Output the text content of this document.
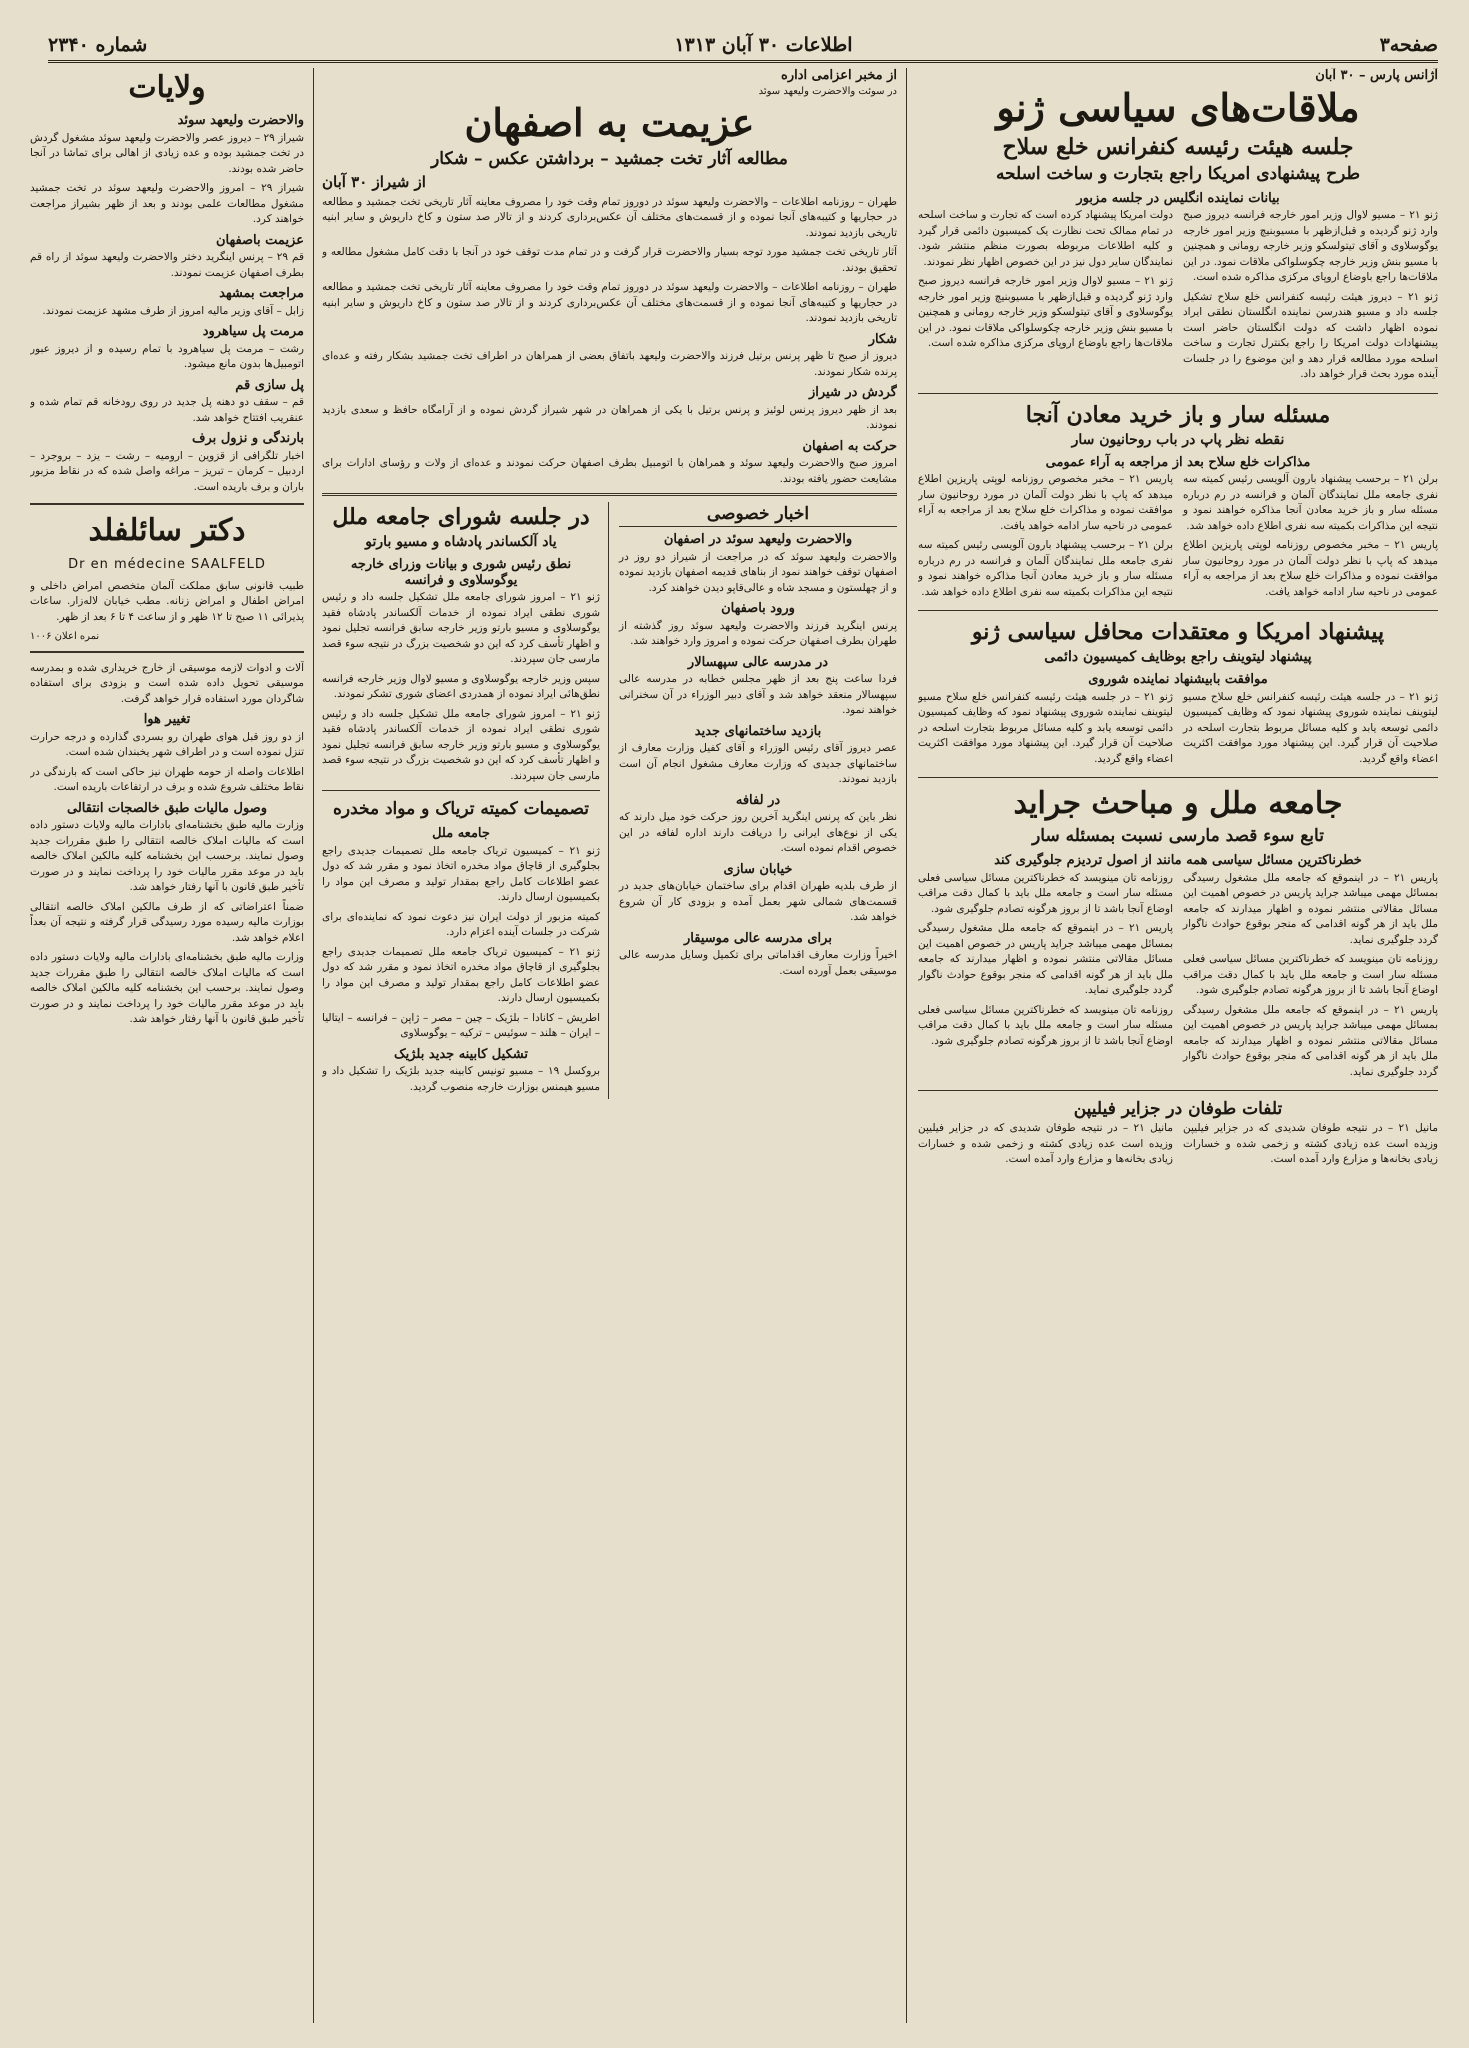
صفحه۳
اطلاعات ۳۰ آبان ۱۳۱۳
شماره ۲۳۴۰
آژانس پارس – ۳۰ آبان
ملاقات‌های سیاسی ژنو
جلسه هیئت رئیسه کنفرانس خلع سلاح
طرح پیشنهادی امریکا راجع بتجارت و ساخت اسلحه
بیانات نماینده انگلیس در جلسه مزبور

ژنو ۲۱ – مسیو لاوال وزیر امور خارجه فرانسه دیروز صبح وارد ژنو گردیده و قبل‌ازظهر با مسیوبنیچ وزیر امور خارجه یوگوسلاوی و آقای تیتولسکو وزیر خارجه رومانی و همچنین با مسیو بنش وزیر خارجه چکوسلواکی ملاقات نمود. در این ملاقات‌ها راجع باوضاع اروپای مرکزی مذاکره شده است.

ژنو ۲۱ – دیروز هیئت رئیسه کنفرانس خلع سلاح تشکیل جلسه داد و مسیو هندرسن نماینده انگلستان نطقی ایراد نموده اظهار داشت که دولت انگلستان حاضر است پیشنهادات دولت امریکا را راجع بکنترل تجارت و ساخت اسلحه مورد مطالعه قرار دهد و این موضوع را در جلسات آینده مورد بحث قرار خواهد داد.

دولت امریکا پیشنهاد کرده است که تجارت و ساخت اسلحه در تمام ممالک تحت نظارت یک کمیسیون دائمی قرار گیرد و کلیه اطلاعات مربوطه بصورت منظم منتشر شود. نمایندگان سایر دول نیز در این خصوص اظهار نظر نمودند.

ژنو ۲۱ – مسیو لاوال وزیر امور خارجه فرانسه دیروز صبح وارد ژنو گردیده و قبل‌ازظهر با مسیوبنیچ وزیر امور خارجه یوگوسلاوی و آقای تیتولسکو وزیر خارجه رومانی و همچنین با مسیو بنش وزیر خارجه چکوسلواکی ملاقات نمود. در این ملاقات‌ها راجع باوضاع اروپای مرکزی مذاکره شده است.

مسئله سار و باز خرید معادن آنجا
نقطه نظر پاپ در باب روحانیون سار
مذاکرات خلع سلاح بعد از مراجعه به آراء عمومی

برلن ۲۱ – برحسب پیشنهاد بارون آلویسی رئیس کمیته سه نفری جامعه ملل نمایندگان آلمان و فرانسه در رم درباره مسئله سار و باز خرید معادن آنجا مذاکره خواهند نمود و نتیجه این مذاکرات بکمیته سه نفری اطلاع داده خواهد شد.

پاریس ۲۱ – مخبر مخصوص روزنامه لوپتی پاریزین اطلاع میدهد که پاپ با نظر دولت آلمان در مورد روحانیون سار موافقت نموده و مذاکرات خلع سلاح بعد از مراجعه به آراء عمومی در ناحیه سار ادامه خواهد یافت.

پاریس ۲۱ – مخبر مخصوص روزنامه لوپتی پاریزین اطلاع میدهد که پاپ با نظر دولت آلمان در مورد روحانیون سار موافقت نموده و مذاکرات خلع سلاح بعد از مراجعه به آراء عمومی در ناحیه سار ادامه خواهد یافت.

برلن ۲۱ – برحسب پیشنهاد بارون آلویسی رئیس کمیته سه نفری جامعه ملل نمایندگان آلمان و فرانسه در رم درباره مسئله سار و باز خرید معادن آنجا مذاکره خواهند نمود و نتیجه این مذاکرات بکمیته سه نفری اطلاع داده خواهد شد.

پیشنهاد امریکا و معتقدات محافل سیاسی ژنو
پیشنهاد لیتوینف راجع بوظایف کمیسیون دائمی
موافقت بابیشنهاد نماینده شوروی

ژنو ۲۱ – در جلسه هیئت رئیسه کنفرانس خلع سلاح مسیو لیتوینف نماینده شوروی پیشنهاد نمود که وظایف کمیسیون دائمی توسعه یابد و کلیه مسائل مربوط بتجارت اسلحه در صلاحیت آن قرار گیرد. این پیشنهاد مورد موافقت اکثریت اعضاء واقع گردید.

ژنو ۲۱ – در جلسه هیئت رئیسه کنفرانس خلع سلاح مسیو لیتوینف نماینده شوروی پیشنهاد نمود که وظایف کمیسیون دائمی توسعه یابد و کلیه مسائل مربوط بتجارت اسلحه در صلاحیت آن قرار گیرد. این پیشنهاد مورد موافقت اکثریت اعضاء واقع گردید.

جامعه ملل و مباحث جراید
تابع سوء قصد مارسی نسبت بمسئله سار
خطرناکترین مسائل سیاسی همه مانند از اصول تردیزم جلوگیری کند

پاریس ۲۱ – در اینموقع که جامعه ملل مشغول رسیدگی بمسائل مهمی میباشد جراید پاریس در خصوص اهمیت این مسائل مقالاتی منتشر نموده و اظهار میدارند که جامعه ملل باید از هر گونه اقدامی که منجر بوقوع حوادث ناگوار گردد جلوگیری نماید.

روزنامه تان مینویسد که خطرناکترین مسائل سیاسی فعلی مسئله سار است و جامعه ملل باید با کمال دقت مراقب اوضاع آنجا باشد تا از بروز هرگونه تصادم جلوگیری شود.

پاریس ۲۱ – در اینموقع که جامعه ملل مشغول رسیدگی بمسائل مهمی میباشد جراید پاریس در خصوص اهمیت این مسائل مقالاتی منتشر نموده و اظهار میدارند که جامعه ملل باید از هر گونه اقدامی که منجر بوقوع حوادث ناگوار گردد جلوگیری نماید.

روزنامه تان مینویسد که خطرناکترین مسائل سیاسی فعلی مسئله سار است و جامعه ملل باید با کمال دقت مراقب اوضاع آنجا باشد تا از بروز هرگونه تصادم جلوگیری شود.

پاریس ۲۱ – در اینموقع که جامعه ملل مشغول رسیدگی بمسائل مهمی میباشد جراید پاریس در خصوص اهمیت این مسائل مقالاتی منتشر نموده و اظهار میدارند که جامعه ملل باید از هر گونه اقدامی که منجر بوقوع حوادث ناگوار گردد جلوگیری نماید.

روزنامه تان مینویسد که خطرناکترین مسائل سیاسی فعلی مسئله سار است و جامعه ملل باید با کمال دقت مراقب اوضاع آنجا باشد تا از بروز هرگونه تصادم جلوگیری شود.

تلفات طوفان در جزایر فیلیپن

مانیل ۲۱ – در نتیجه طوفان شدیدی که در جزایر فیلیپن وزیده است عده زیادی کشته و زخمی شده و خسارات زیادی بخانه‌ها و مزارع وارد آمده است.

مانیل ۲۱ – در نتیجه طوفان شدیدی که در جزایر فیلیپن وزیده است عده زیادی کشته و زخمی شده و خسارات زیادی بخانه‌ها و مزارع وارد آمده است.

از مخبر اعزامی اداره
در سوئت والاحضرت ولیعهد سوئد
عزیمت به اصفهان
مطالعه آثار تخت جمشید – برداشتن عکس – شکار
از شیراز ۳۰ آبان

طهران – روزنامه اطلاعات – والاحضرت ولیعهد سوئد در دوروز تمام وقت خود را مصروف معاینه آثار تاریخی تخت جمشید و مطالعه در حجاریها و کتیبه‌های آنجا نموده و از قسمت‌های مختلف آن عکس‌برداری کردند و از تالار صد ستون و کاخ داریوش و سایر ابنیه تاریخی بازدید نمودند.

آثار تاریخی تخت جمشید مورد توجه بسیار والاحضرت قرار گرفت و در تمام مدت توقف خود در آنجا با دقت کامل مشغول مطالعه و تحقیق بودند.

طهران – روزنامه اطلاعات – والاحضرت ولیعهد سوئد در دوروز تمام وقت خود را مصروف معاینه آثار تاریخی تخت جمشید و مطالعه در حجاریها و کتیبه‌های آنجا نموده و از قسمت‌های مختلف آن عکس‌برداری کردند و از تالار صد ستون و کاخ داریوش و سایر ابنیه تاریخی بازدید نمودند.

شکار

دیروز از صبح تا ظهر پرنس برتیل فرزند والاحضرت ولیعهد باتفاق بعضی از همراهان در اطراف تخت جمشید بشکار رفته و عده‌ای پرنده شکار نمودند.

گردش در شیراز

بعد از ظهر دیروز پرنس لوئیز و پرنس برتیل با یکی از همراهان در شهر شیراز گردش نموده و از آرامگاه حافظ و سعدی بازدید نمودند.

حرکت به اصفهان

امروز صبح والاحضرت ولیعهد سوئد و همراهان با اتومبیل بطرف اصفهان حرکت نمودند و عده‌ای از ولات و رؤسای ادارات برای مشایعت حضور یافته بودند.

اخبار خصوصی
والاحضرت ولیعهد سوئد در اصفهان

والاحضرت ولیعهد سوئد که در مراجعت از شیراز دو روز در اصفهان توقف خواهند نمود از بناهای قدیمه اصفهان بازدید نموده و از چهلستون و مسجد شاه و عالی‌قاپو دیدن خواهند کرد.

ورود باصفهان

پرنس اینگرید فرزند والاحضرت ولیعهد سوئد روز گذشته از طهران بطرف اصفهان حرکت نموده و امروز وارد خواهند شد.

در مدرسه عالی سپهسالار

فردا ساعت پنج بعد از ظهر مجلس خطابه در مدرسه عالی سپهسالار منعقد خواهد شد و آقای دبیر الوزراء در آن سخنرانی خواهند نمود.

بازدید ساختمانهای جدید

عصر دیروز آقای رئیس الوزراء و آقای کفیل وزارت معارف از ساختمانهای جدیدی که وزارت معارف مشغول انجام آن است بازدید نمودند.

در لفافه

نظر باین که پرنس اینگرید آخرین روز حرکت خود میل دارند که یکی از نوع‌های ایرانی را دریافت دارند اداره لفافه در این خصوص اقدام نموده است.

خیابان سازی

از طرف بلدیه طهران اقدام برای ساختمان خیابان‌های جدید در قسمت‌های شمالی شهر بعمل آمده و بزودی کار آن شروع خواهد شد.

برای مدرسه عالی موسیقار

اخیراً وزارت معارف اقداماتی برای تکمیل وسایل مدرسه عالی موسیقی بعمل آورده است.

در جلسه شورای جامعه ملل
یاد آلکساندر پادشاه و مسیو بارتو
نطق رئیس شوری و بیانات وزرای خارجه یوگوسلاوی و فرانسه

ژنو ۲۱ – امروز شورای جامعه ملل تشکیل جلسه داد و رئیس شوری نطقی ایراد نموده از خدمات آلکساندر پادشاه فقید یوگوسلاوی و مسیو بارتو وزیر خارجه سابق فرانسه تجلیل نمود و اظهار تأسف کرد که این دو شخصیت بزرگ در نتیجه سوء قصد مارسی جان سپردند.

سپس وزیر خارجه یوگوسلاوی و مسیو لاوال وزیر خارجه فرانسه نطق‌هائی ایراد نموده از همدردی اعضای شوری تشکر نمودند.

ژنو ۲۱ – امروز شورای جامعه ملل تشکیل جلسه داد و رئیس شوری نطقی ایراد نموده از خدمات آلکساندر پادشاه فقید یوگوسلاوی و مسیو بارتو وزیر خارجه سابق فرانسه تجلیل نمود و اظهار تأسف کرد که این دو شخصیت بزرگ در نتیجه سوء قصد مارسی جان سپردند.

تصمیمات کمیته تریاک و مواد مخدره
جامعه ملل

ژنو ۲۱ – کمیسیون تریاک جامعه ملل تصمیمات جدیدی راجع بجلوگیری از قاچاق مواد مخدره اتخاذ نمود و مقرر شد که دول عضو اطلاعات کامل راجع بمقدار تولید و مصرف این مواد را بکمیسیون ارسال دارند.

کمیته مزبور از دولت ایران نیز دعوت نمود که نماینده‌ای برای شرکت در جلسات آینده اعزام دارد.

ژنو ۲۱ – کمیسیون تریاک جامعه ملل تصمیمات جدیدی راجع بجلوگیری از قاچاق مواد مخدره اتخاذ نمود و مقرر شد که دول عضو اطلاعات کامل راجع بمقدار تولید و مصرف این مواد را بکمیسیون ارسال دارند.

اطریش – کانادا – بلژیک – چین – مصر – ژاپن – فرانسه – ایتالیا – ایران – هلند – سوئیس – ترکیه – یوگوسلاوی

تشکیل کابینه جدید بلژیک

بروکسل ۱۹ – مسیو تونیس کابینه جدید بلژیک را تشکیل داد و مسیو هیمنس بوزارت خارجه منصوب گردید.

ولایات
والاحضرت ولیعهد سوئد

شیراز ۲۹ – دیروز عصر والاحضرت ولیعهد سوئد مشغول گردش در تخت جمشید بوده و عده زیادی از اهالی برای تماشا در آنجا حاضر شده بودند.

شیراز ۲۹ – امروز والاحضرت ولیعهد سوئد در تخت جمشید مشغول مطالعات علمی بودند و بعد از ظهر بشیراز مراجعت خواهند کرد.

عزیمت باصفهان

قم ۲۹ – پرنس اینگرید دختر والاحضرت ولیعهد سوئد از راه قم بطرف اصفهان عزیمت نمودند.

مراجعت بمشهد

زابل – آقای وزیر مالیه امروز از طرف مشهد عزیمت نمودند.

مرمت پل سیاهرود

رشت – مرمت پل سیاهرود با تمام رسیده و از دیروز عبور اتومبیل‌ها بدون مانع میشود.

پل سازی قم

قم – سقف دو دهنه پل جدید در روی رودخانه قم تمام شده و عنقریب افتتاح خواهد شد.

بارندگی و نزول برف

اخبار تلگرافی از قزوین – ارومیه – رشت – یزد – بروجرد – اردبیل – کرمان – تبریز – مراغه واصل شده که در نقاط مزبور باران و برف باریده است.

دکتر سائلفلد
Dr en médecine SAALFELD

طبیب قانونی سابق مملکت آلمان متخصص امراض داخلی و امراض اطفال و امراض زنانه. مطب خیابان لاله‌زار. ساعات پذیرائی ۱۱ صبح تا ۱۲ ظهر و از ساعت ۴ تا ۶ بعد از ظهر.

نمره اعلان ۱۰۰۶

آلات و ادوات لازمه موسیقی از خارج خریداری شده و بمدرسه موسیقی تحویل داده شده است و بزودی برای استفاده شاگردان مورد استفاده قرار خواهد گرفت.

تغییر هوا

از دو روز قبل هوای طهران رو بسردی گذارده و درجه حرارت تنزل نموده است و در اطراف شهر یخبندان شده است.

اطلاعات واصله از حومه طهران نیز حاکی است که بارندگی در نقاط مختلف شروع شده و برف در ارتفاعات باریده است.

وصول مالیات طبق خالصجات انتقالی

وزارت مالیه طبق بخشنامه‌ای بادارات مالیه ولایات دستور داده است که مالیات املاک خالصه انتقالی را طبق مقررات جدید وصول نمایند. برحسب این بخشنامه کلیه مالکین املاک خالصه باید در موعد مقرر مالیات خود را پرداخت نمایند و در صورت تأخیر طبق قانون با آنها رفتار خواهد شد.

ضمناً اعتراضاتی که از طرف مالکین املاک خالصه انتقالی بوزارت مالیه رسیده مورد رسیدگی قرار گرفته و نتیجه آن بعداً اعلام خواهد شد.

وزارت مالیه طبق بخشنامه‌ای بادارات مالیه ولایات دستور داده است که مالیات املاک خالصه انتقالی را طبق مقررات جدید وصول نمایند. برحسب این بخشنامه کلیه مالکین املاک خالصه باید در موعد مقرر مالیات خود را پرداخت نمایند و در صورت تأخیر طبق قانون با آنها رفتار خواهد شد.
